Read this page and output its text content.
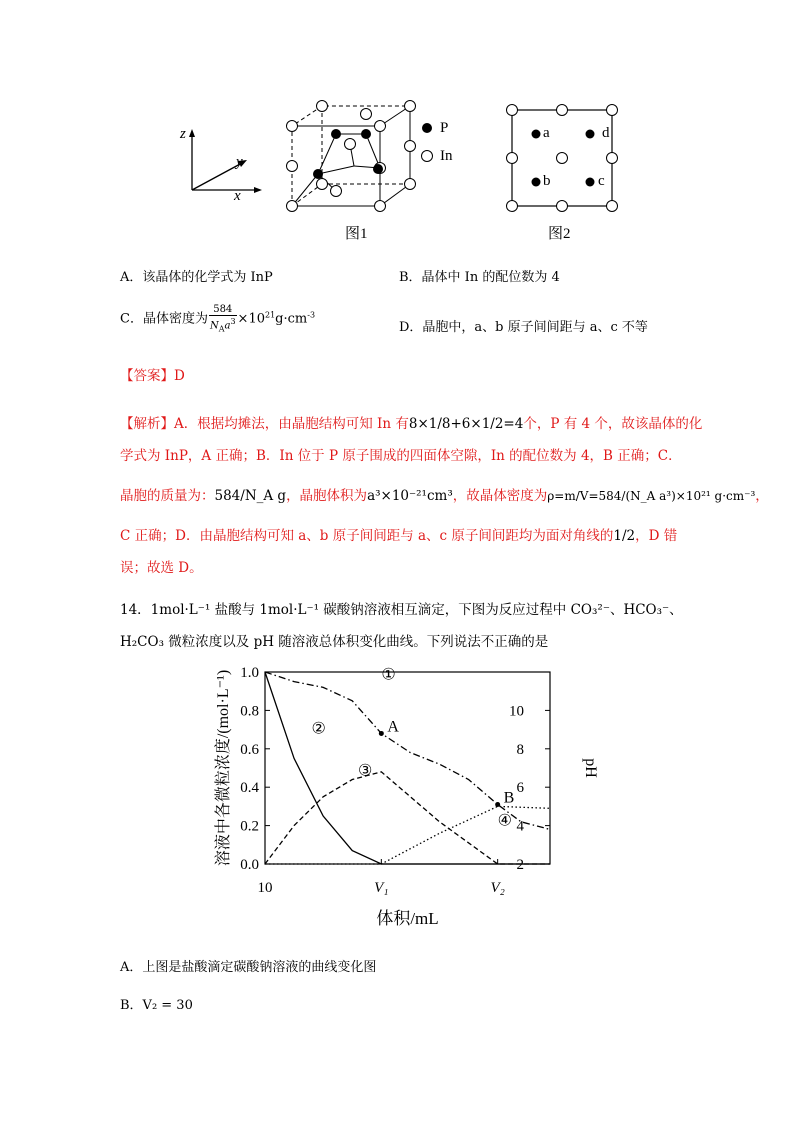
z
y
x
P
In
图1
a	d
b	c
图2
A．该晶体的化学式为 InP	B．晶体中 In 的配位数为 4
C．晶体密度为 $\frac{584}{N_Aa^3} \times 10^{21}g\cdot cm^{-3}$
D．晶胞中，a、b 原子间间距与 a、c 不等
【答案】D
【解析】A．根据均摊法，由晶胞结构可知 In 有8×1/8+6×1/2=4个，P 有 4 个，故该晶体的化
学式为 InP，A 正确；B．In 位于 P 原子围成的四面体空隙，In 的配位数为 4，B 正确；C．
晶胞的质量为：584/N_A g，晶胞体积为a³×10⁻²¹cm³，故晶体密度为ρ=m/V=584/(N_A a³)×10²¹ g·cm⁻³，
C 正确；D．由晶胞结构可知 a、b 原子间间距与 a、c 原子间间距均为面对角线的1/2，D 错
误；故选 D。
14．1mol·L⁻¹ 盐酸与 1mol·L⁻¹ 碳酸钠溶液相互滴定，下图为反应过程中 CO₃²⁻、HCO₃⁻、
H₂CO₃ 微粒浓度以及 pH 随溶液总体积变化曲线。下列说法不正确的是
0.0
0.2
0.4
0.6
0.8
1.0
2
4
6
8
10
10	V₁	V₂
①
②
③
④
A
B
溶液中各微粒浓度/(mol·L⁻¹)	pH
体积/mL
A．上图是盐酸滴定碳酸钠溶液的曲线变化图
B．V₂ = 30
